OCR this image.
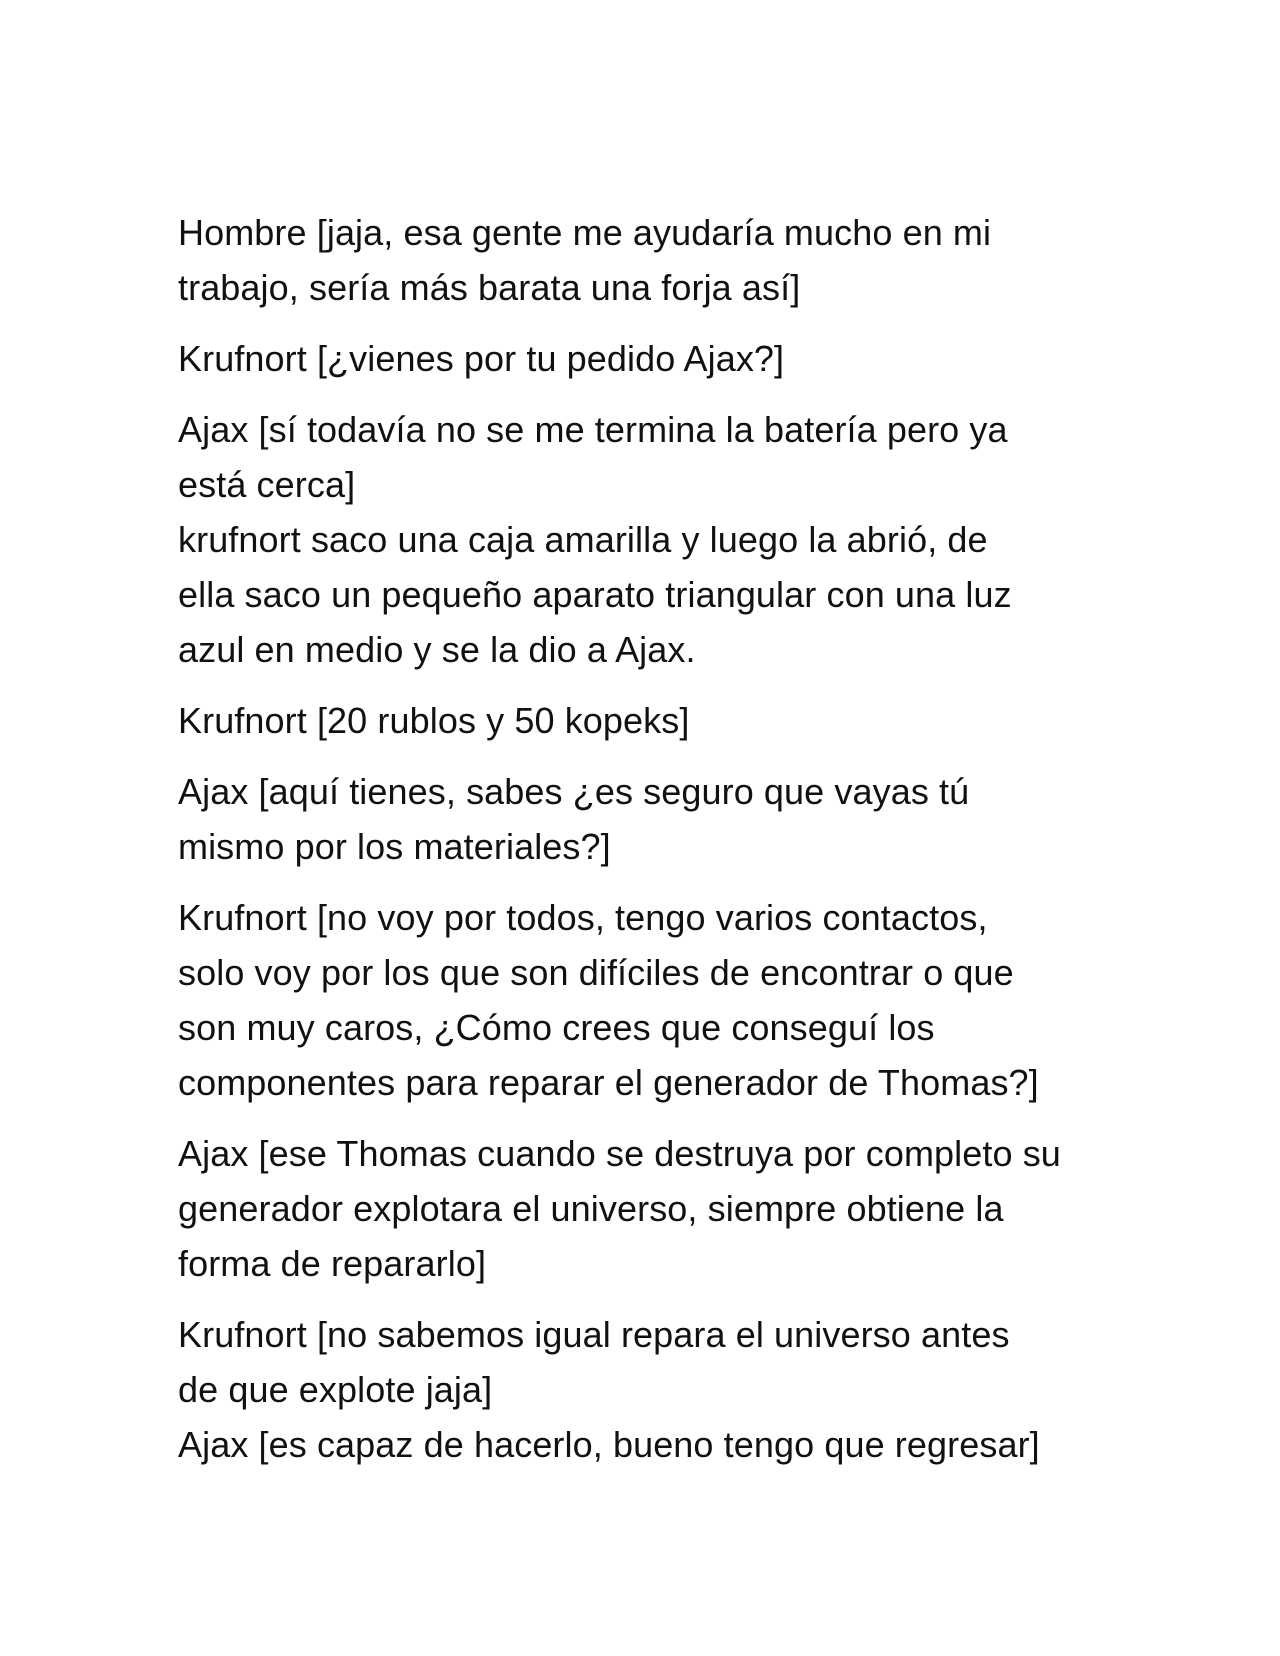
Hombre [jaja, esa gente me ayudaría mucho en mi
trabajo, sería más barata una forja así]

Krufnort [¿vienes por tu pedido Ajax?]

Ajax [sí todavía no se me termina la batería pero ya
está cerca]

krufnort saco una caja amarilla y luego la abrió, de
ella saco un pequeño aparato triangular con una luz
azul en medio y se la dio a Ajax.

Krufnort [20 rublos y 50 kopeks]

Ajax [aquí tienes, sabes ¿es seguro que vayas tú
mismo por los materiales?]

Krufnort [no voy por todos, tengo varios contactos,
solo voy por los que son difíciles de encontrar o que
son muy caros, ¿Cómo crees que conseguí los
componentes para reparar el generador de Thomas?]

Ajax [ese Thomas cuando se destruya por completo su
generador explotara el universo, siempre obtiene la
forma de repararlo]

Krufnort [no sabemos igual repara el universo antes
de que explote jaja]

Ajax [es capaz de hacerlo, bueno tengo que regresar]
